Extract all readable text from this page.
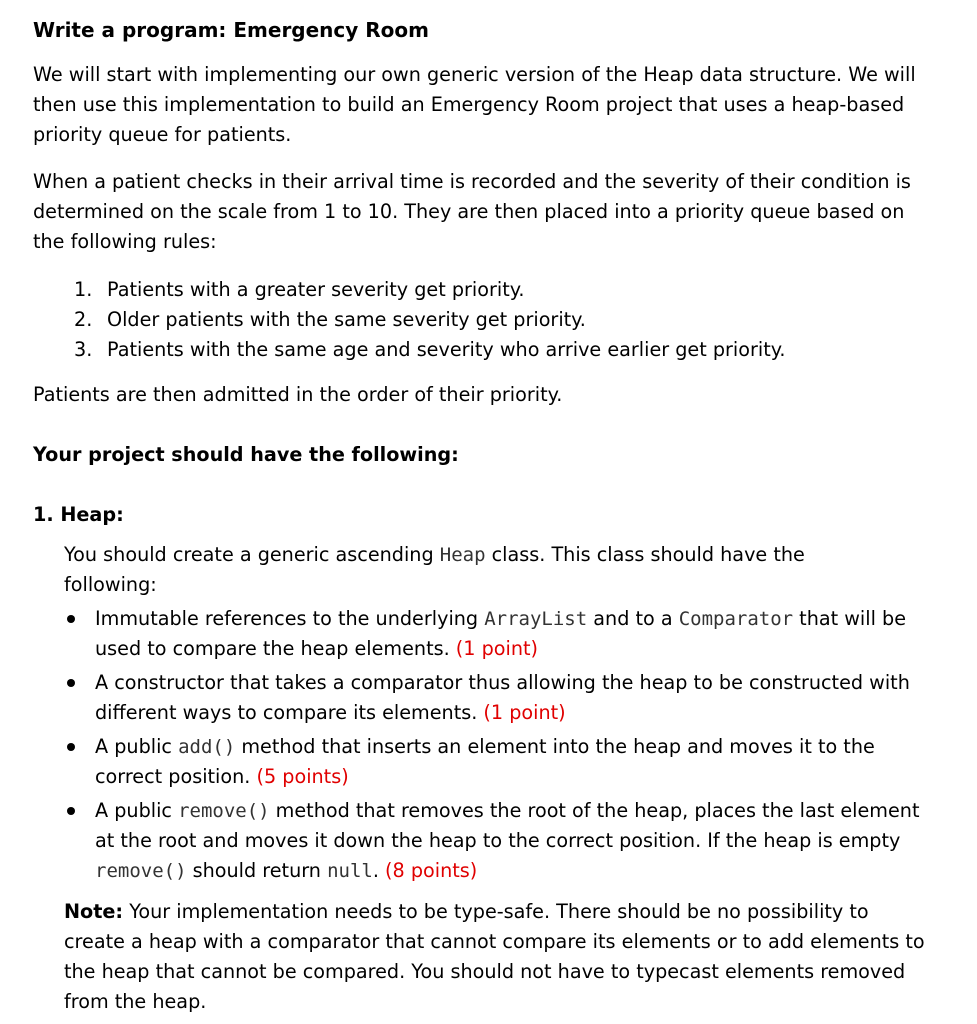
Write a program: Emergency Room

We will start with implementing our own generic version of the Heap data structure. We will then use this implementation to build an Emergency Room project that uses a heap-based priority queue for patients.

When a patient checks in their arrival time is recorded and the severity of their condition is determined on the scale from 1 to 10. They are then placed into a priority queue based on the following rules:

1. Patients with a greater severity get priority.
2. Older patients with the same severity get priority.
3. Patients with the same age and severity who arrive earlier get priority.

Patients are then admitted in the order of their priority.

Your project should have the following:
1. Heap:

You should create a generic ascending Heap class. This class should have the following:

Immutable references to the underlying ArrayList and to a Comparator that will be used to compare the heap elements. (1 point)
A constructor that takes a comparator thus allowing the heap to be constructed with different ways to compare its elements. (1 point)
A public add() method that inserts an element into the heap and moves it to the correct position. (5 points)
A public remove() method that removes the root of the heap, places the last element at the root and moves it down the heap to the correct position. If the heap is empty remove() should return null. (8 points)

Note: Your implementation needs to be type-safe. There should be no possibility to create a heap with a comparator that cannot compare its elements or to add elements to the heap that cannot be compared. You should not have to typecast elements removed from the heap.
